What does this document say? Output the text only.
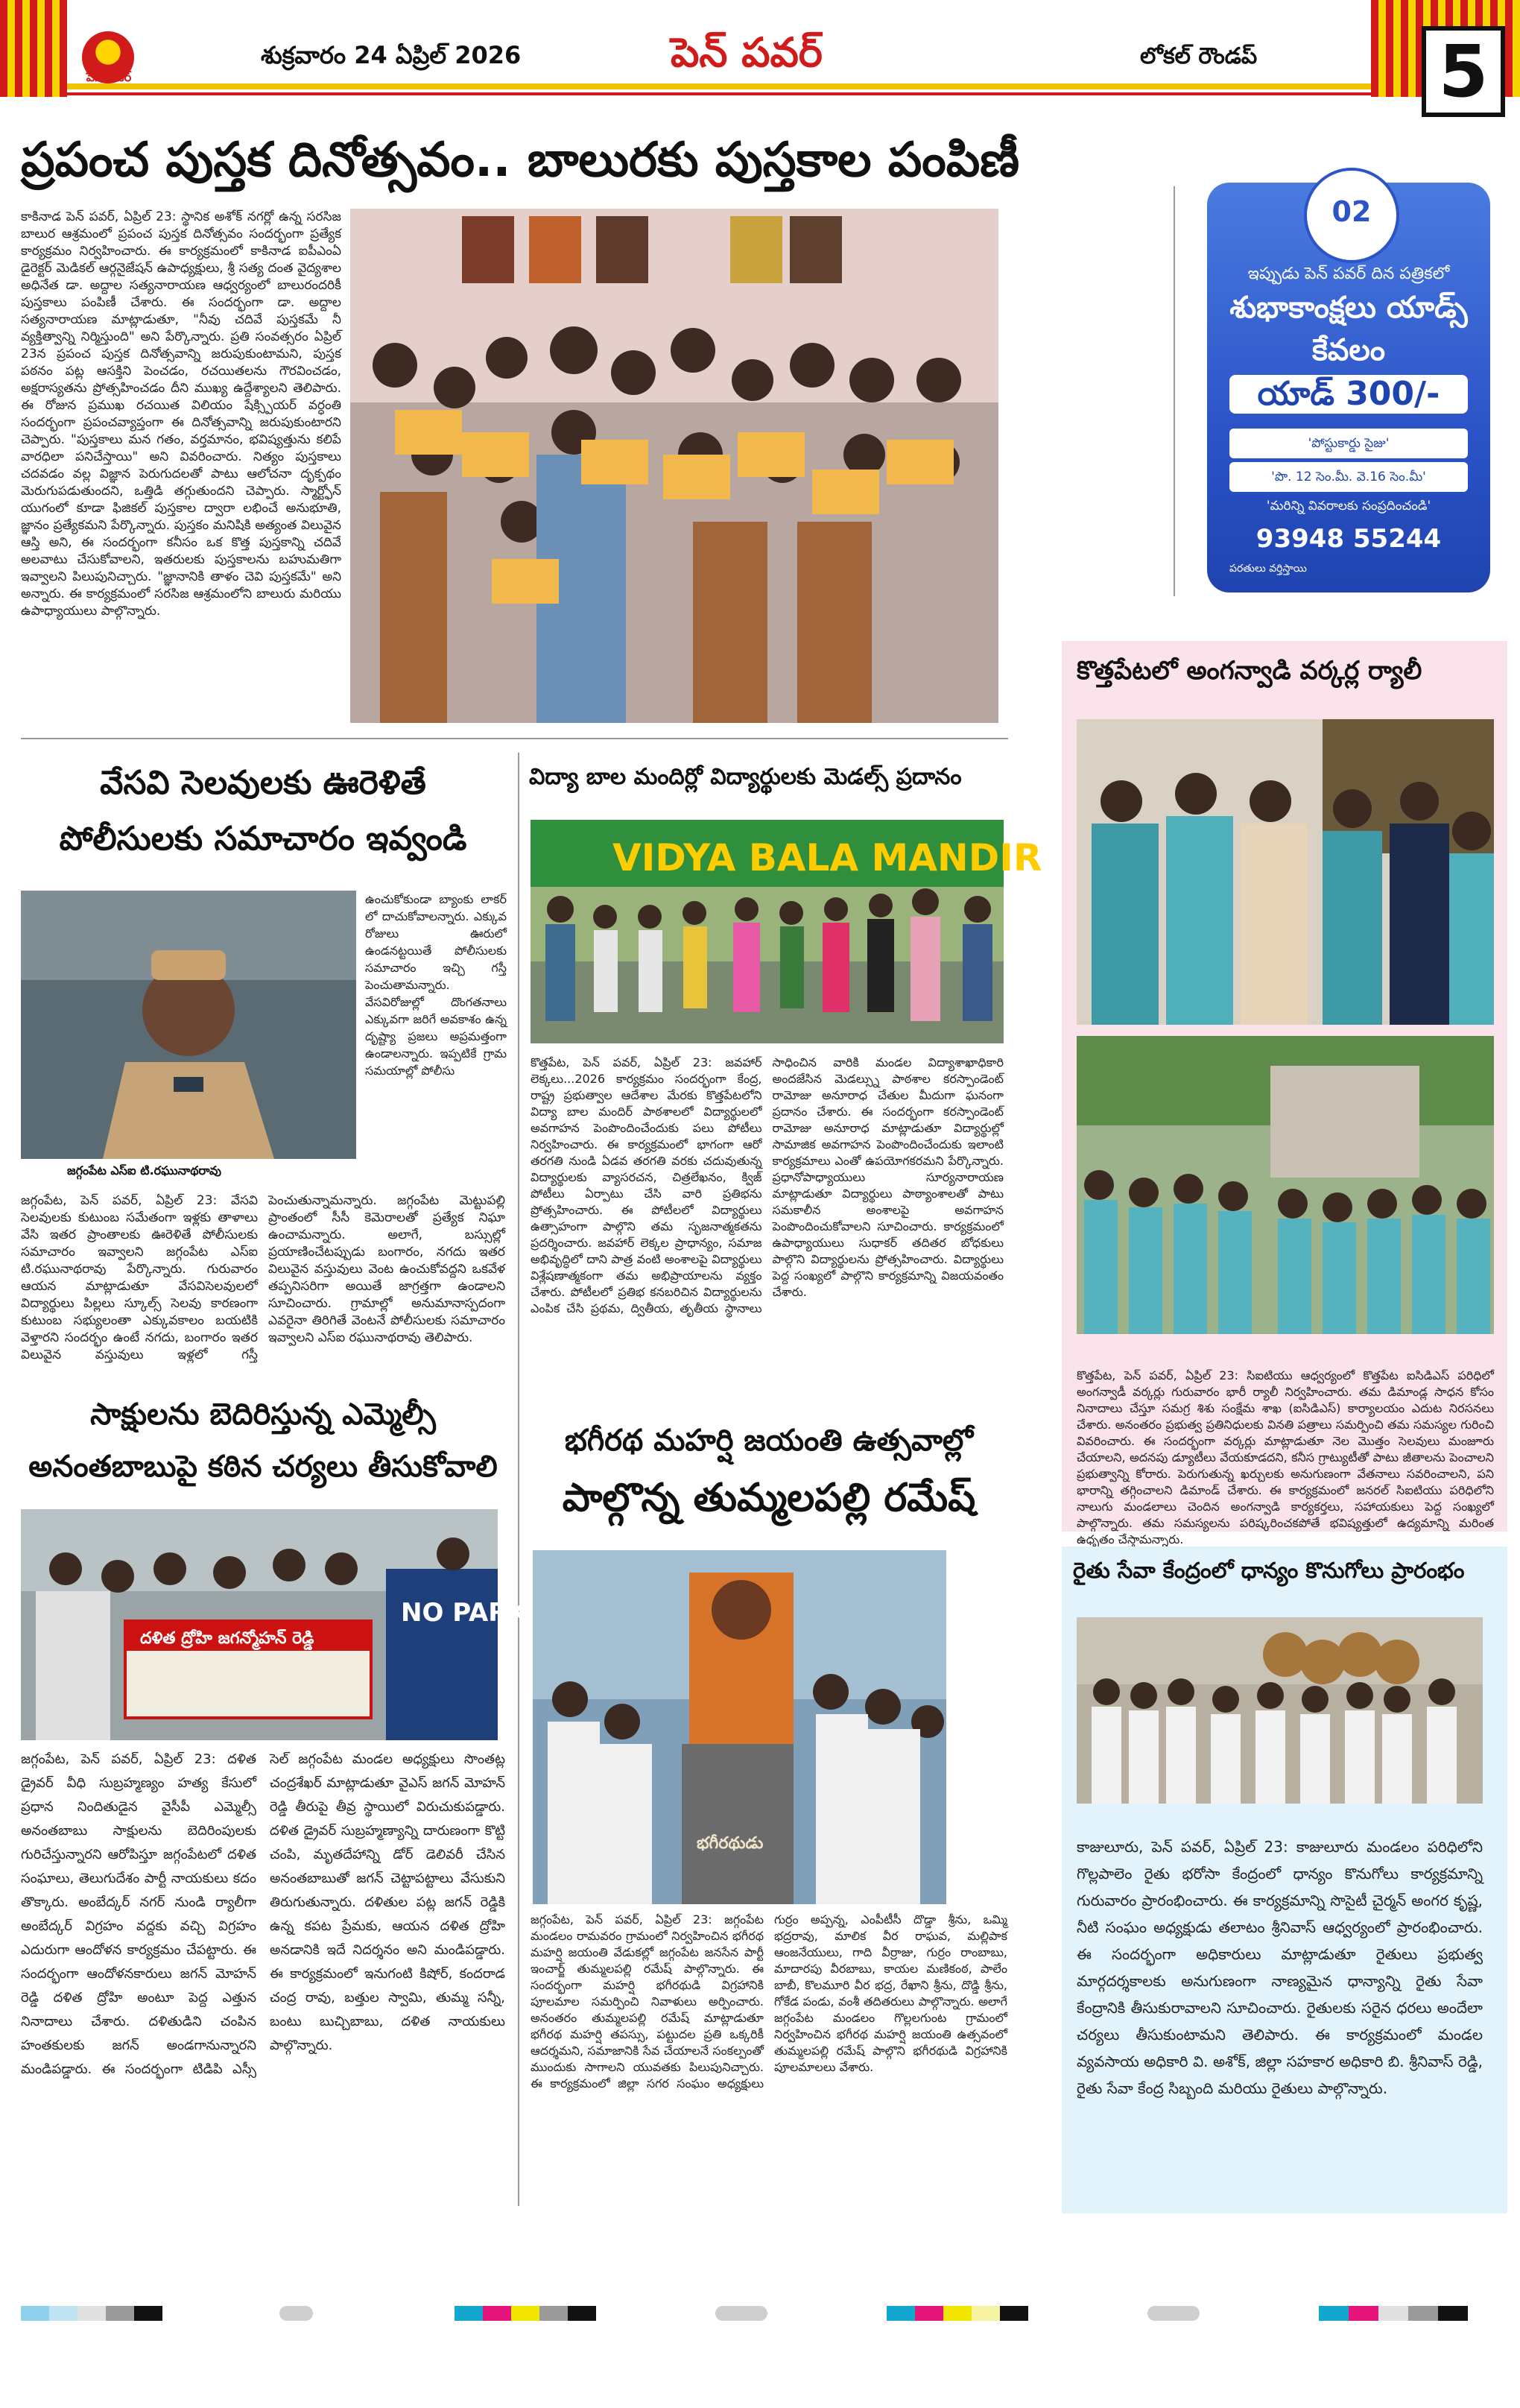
పెన్ పవర్
శుక్రవారం 24 ఏప్రిల్ 2026	పెన్ పవర్	లోకల్ రౌండప్	5
ప్రపంచ పుస్తక దినోత్సవం.. బాలురకు పుస్తకాల పంపిణీ
కాకినాడ పెన్ పవర్, ఏప్రిల్ 23: స్థానిక అశోక్ నగర్లో ఉన్న సరసిజ బాలుర ఆశ్రమంలో ప్రపంచ పుస్తక దినోత్సవం సందర్భంగా ప్రత్యేక కార్యక్రమం నిర్వహించారు. ఈ కార్యక్రమంలో కాకినాడ ఐపీఎంఏ డైరెక్టర్ మెడికల్ ఆర్గనైజేషన్ ఉపాధ్యక్షులు, శ్రీ సత్య దంత వైద్యశాల అధినేత డా. అద్దాల సత్యనారాయణ ఆధ్వర్యంలో బాలురందరికీ పుస్తకాలు పంపిణీ చేశారు. ఈ సందర్భంగా డా. అద్దాల సత్యనారాయణ మాట్లాడుతూ, "నీవు చదివే పుస్తకమే నీ వ్యక్తిత్వాన్ని నిర్మిస్తుంది" అని పేర్కొన్నారు. ప్రతి సంవత్సరం ఏప్రిల్ 23న ప్రపంచ పుస్తక దినోత్సవాన్ని జరుపుకుంటామని, పుస్తక పఠనం పట్ల ఆసక్తిని పెంచడం, రచయితలను గౌరవించడం, అక్షరాస్యతను ప్రోత్సహించడం దీని ముఖ్య ఉద్దేశ్యాలని తెలిపారు. ఈ రోజున ప్రముఖ రచయిత విలియం షేక్స్పియర్ వర్ధంతి సందర్భంగా ప్రపంచవ్యాప్తంగా ఈ దినోత్సవాన్ని జరుపుకుంటారని చెప్పారు. "పుస్తకాలు మన గతం, వర్తమానం, భవిష్యత్తును కలిపే వారధిలా పనిచేస్తాయి" అని వివరించారు. నిత్యం పుస్తకాలు చదవడం వల్ల విజ్ఞాన పెరుగుదలతో పాటు ఆలోచనా దృక్పథం మెరుగుపడుతుందని, ఒత్తిడి తగ్గుతుందని చెప్పారు. స్మార్ట్ఫోన్ యుగంలో కూడా ఫిజికల్ పుస్తకాల ద్వారా లభించే అనుభూతి, జ్ఞానం ప్రత్యేకమని పేర్కొన్నారు. పుస్తకం మనిషికి అత్యంత విలువైన ఆస్తి అని, ఈ సందర్భంగా కనీసం ఒక కొత్త పుస్తకాన్ని చదివే అలవాటు చేసుకోవాలని, ఇతరులకు పుస్తకాలను బహుమతిగా ఇవ్వాలని పిలుపునిచ్చారు. "జ్ఞానానికి తాళం చెవి పుస్తకమే" అని అన్నారు. ఈ కార్యక్రమంలో సరసిజ ఆశ్రమంలోని బాలురు మరియు ఉపాధ్యాయులు పాల్గొన్నారు.
02
ఇప్పుడు పెన్ పవర్ దిన పత్రికలో
శుభాకాంక్షలు యాడ్స్
కేవలం
యాడ్ 300/-
'పోస్టుకార్డు సైజు'
'పొ. 12 సెం.మీ. వె.16 సెం.మీ'
'మరిన్ని వివరాలకు సంప్రదించండి'
93948 55244
పరతులు వర్తిస్తాయి
వేసవి సెలవులకు ఊరెళితే
పోలీసులకు సమాచారం ఇవ్వండి
జగ్గంపేట ఎస్ఐ టి.రఘునాథరావు
ఉంచుకోకుండా బ్యాంకు లాకర్ లో దాచుకోవాలన్నారు. ఎక్కువ రోజులు ఊరులో ఉండనట్టయితే పోలీసులకు సమాచారం ఇచ్చి గస్తీ పెంచుతామన్నారు. వేసవిరోజుల్లో దొంగతనాలు ఎక్కువగా జరిగే అవకాశం ఉన్న దృష్ట్యా ప్రజలు అప్రమత్తంగా ఉండాలన్నారు. ఇప్పటికే గ్రామ సమయాల్లో పోలీసు
జగ్గంపేట, పెన్ పవర్, ఏప్రిల్ 23: వేసవి సెలవులకు కుటుంబ సమేతంగా ఇళ్లకు తాళాలు వేసి ఇతర ప్రాంతాలకు ఊరెళితే పోలీసులకు సమాచారం ఇవ్వాలని జగ్గంపేట ఎస్ఐ టి.రఘునాథరావు పేర్కొన్నారు. గురువారం ఆయన మాట్లాడుతూ వేసవిసెలవులలో విద్యార్థులు పిల్లలు స్కూల్స్ సెలవు కారణంగా కుటుంబ సభ్యులంతా ఎక్కువకాలం బయటికి వెళ్తారని సందర్భం ఉంటే నగదు, బంగారం ఇతర విలువైన వస్తువులు ఇళ్లలో గస్తీ పెంచుతున్నామన్నారు. జగ్గంపేట మెట్టుపల్లి ప్రాంతంలో సీసీ కెమెరాలతో ప్రత్యేక నిఘా ఉంచామన్నారు. అలాగే, బస్సుల్లో ప్రయాణించేటప్పుడు బంగారం, నగదు ఇతర విలువైన వస్తువులు వెంట ఉంచుకోవద్దని ఒకవేళ తప్పనిసరిగా అయితే జాగ్రత్తగా ఉండాలని సూచించారు. గ్రామాల్లో అనుమానాస్పదంగా ఎవరైనా తిరిగితే వెంటనే పోలీసులకు సమాచారం ఇవ్వాలని ఎస్ఐ రఘునాథరావు తెలిపారు.
విద్యా బాల మందిర్లో విద్యార్థులకు మెడల్స్ ప్రదానం
VIDYA BALA MANDIR
కొత్తపేట, పెన్ పవర్, ఏప్రిల్ 23: జవహార్ లెక్కలు...2026 కార్యక్రమం సందర్భంగా కేంద్ర, రాష్ట్ర ప్రభుత్వాల ఆదేశాల మేరకు కొత్తపేటలోని విద్యా బాల మందిర్ పాఠశాలలో విద్యార్థులలో అవగాహన పెంపొందించేందుకు పలు పోటీలు నిర్వహించారు. ఈ కార్యక్రమంలో భాగంగా ఆరో తరగతి నుండి ఏడవ తరగతి వరకు చదువుతున్న విద్యార్థులకు వ్యాసరచన, చిత్రలేఖనం, క్విజ్ పోటీలు ఏర్పాటు చేసి వారి ప్రతిభను ప్రోత్సహించారు. ఈ పోటీలలో విద్యార్థులు ఉత్సాహంగా పాల్గొని తమ సృజనాత్మకతను ప్రదర్శించారు. జవహార్ లెక్కల ప్రాధాన్యం, సమాజ అభివృద్ధిలో దాని పాత్ర వంటి అంశాలపై విద్యార్థులు విశ్లేషణాత్మకంగా తమ అభిప్రాయాలను వ్యక్తం చేశారు. పోటీలలో ప్రతిభ కనబరిచిన విద్యార్థులను ఎంపిక చేసి ప్రథమ, ద్వితీయ, తృతీయ స్థానాలు సాధించిన వారికి మండల విద్యాశాఖాధికారి అందజేసిన మెడల్స్ను పాఠశాల కరస్పాండెంట్ రామోజు అనూరాధ చేతుల మీదుగా ఘనంగా ప్రదానం చేశారు. ఈ సందర్భంగా కరస్పాండెంట్ రామోజు అనూరాధ మాట్లాడుతూ విద్యార్థుల్లో సామాజిక అవగాహన పెంపొందించేందుకు ఇలాంటి కార్యక్రమాలు ఎంతో ఉపయోగకరమని పేర్కొన్నారు. ప్రధానోపాధ్యాయులు సూర్యనారాయణ మాట్లాడుతూ విద్యార్థులు పాఠ్యాంశాలతో పాటు సమకాలీన అంశాలపై అవగాహన పెంపొందించుకోవాలని సూచించారు. కార్యక్రమంలో ఉపాధ్యాయులు సుధాకర్ తదితర బోధకులు పాల్గొని విద్యార్థులను ప్రోత్సహించారు. విద్యార్థులు పెద్ద సంఖ్యలో పాల్గొని కార్యక్రమాన్ని విజయవంతం చేశారు.
కొత్తపేటలో అంగన్వాడి వర్కర్ల ర్యాలీ
కొత్తపేట, పెన్ పవర్, ఏప్రిల్ 23: సిఐటియు ఆధ్వర్యంలో కొత్తపేట ఐసిడిఎస్ పరిధిలో అంగన్వాడీ వర్కర్లు గురువారం భారీ ర్యాలీ నిర్వహించారు. తమ డిమాండ్ల సాధన కోసం నినాదాలు చేస్తూ సమగ్ర శిశు సంక్షేమ శాఖ (ఐసిడిఎస్) కార్యాలయం ఎదుట నిరసనలు చేశారు. అనంతరం ప్రభుత్వ ప్రతినిధులకు వినతి పత్రాలు సమర్పించి తమ సమస్యల గురించి వివరించారు. ఈ సందర్భంగా వర్కర్లు మాట్లాడుతూ నెల మొత్తం సెలవులు మంజూరు చేయాలని, అదనపు డ్యూటీలు వేయకూడదని, కనీస గ్రాట్యుటీతో పాటు జీతాలను పెంచాలని ప్రభుత్వాన్ని కోరారు. పెరుగుతున్న ఖర్చులకు అనుగుణంగా వేతనాలు సవరించాలని, పని భారాన్ని తగ్గించాలని డిమాండ్ చేశారు. ఈ కార్యక్రమంలో జనరల్ సిఐటియు పరిధిలోని నాలుగు మండలాలు చెందిన అంగన్వాడి కార్యకర్తలు, సహాయకులు పెద్ద సంఖ్యలో పాల్గొన్నారు. తమ సమస్యలను పరిష్కరించకపోతే భవిష్యత్తులో ఉద్యమాన్ని మరింత ఉధృతం చేస్తామన్నారు.
సాక్షులను బెదిరిస్తున్న ఎమ్మెల్సీ
అనంతబాబుపై కఠిన చర్యలు తీసుకోవాలి
NO PARK
దళిత ద్రోహి జగన్మోహన్ రెడ్డి
జగ్గంపేట, పెన్ పవర్, ఏప్రిల్ 23: దళిత డ్రైవర్ వీధి సుబ్రహ్మణ్యం హత్య కేసులో ప్రధాన నిందితుడైన వైసీపీ ఎమ్మెల్సీ అనంతబాబు సాక్షులను బెదిరింపులకు గురిచేస్తున్నారని ఆరోపిస్తూ జగ్గంపేటలో దళిత సంఘాలు, తెలుగుదేశం పార్టీ నాయకులు కదం తొక్కారు. అంబేద్కర్ నగర్ నుండి ర్యాలీగా అంబేద్కర్ విగ్రహం వద్దకు వచ్చి విగ్రహం ఎదురుగా ఆందోళన కార్యక్రమం చేపట్టారు. ఈ సందర్భంగా ఆందోళనకారులు జగన్ మోహన్ రెడ్డి దళిత ద్రోహి అంటూ పెద్ద ఎత్తున నినాదాలు చేశారు. దళితుడిని చంపిన హంతకులకు జగన్ అండగానున్నారని మండిపడ్డారు. ఈ సందర్భంగా టిడిపి ఎస్సీ సెల్ జగ్గంపేట మండల అధ్యక్షులు సొంతట్ల చంద్రశేఖర్ మాట్లాడుతూ వైఎస్ జగన్ మోహన్ రెడ్డి తీరుపై తీవ్ర స్థాయిలో విరుచుకుపడ్డారు. దళిత డ్రైవర్ సుబ్రహ్మణ్యాన్ని దారుణంగా కొట్టి చంపి, మృతదేహాన్ని డోర్ డెలివరీ చేసిన అనంతబాబుతో జగన్ చెట్టాపట్టాలు వేసుకుని తిరుగుతున్నారు. దళితుల పట్ల జగన్ రెడ్డికి ఉన్న కపట ప్రేమకు, ఆయన దళిత ద్రోహి అనడానికి ఇదే నిదర్శనం అని మండిపడ్డారు. ఈ కార్యక్రమంలో ఇనుగంటి కిషోర్, కందరాడ చంద్ర రావు, బత్తుల స్వామి, తుమ్మ సన్నీ, బంటు బుచ్చిబాబు, దళిత నాయకులు పాల్గొన్నారు.
భగీరథ మహర్షి జయంతి ఉత్సవాల్లో
పాల్గొన్న తుమ్మలపల్లి రమేష్
భగీరథుడు
జగ్గంపేట, పెన్ పవర్, ఏప్రిల్ 23: జగ్గంపేట మండలం రామవరం గ్రామంలో నిర్వహించిన భగీరథ మహర్షి జయంతి వేడుకల్లో జగ్గంపేట జనసేన పార్టీ ఇంచార్జ్ తుమ్మలపల్లి రమేష్ పాల్గొన్నారు. ఈ సందర్భంగా మహర్షి భగీరథుడి విగ్రహానికి పూలమాల సమర్పించి నివాళులు అర్పించారు. అనంతరం తుమ్మలపల్లి రమేష్ మాట్లాడుతూ భగీరథ మహర్షి తపస్సు, పట్టుదల ప్రతి ఒక్కరికీ ఆదర్శమని, సమాజానికి సేవ చేయాలనే సంకల్పంతో ముందుకు సాగాలని యువతకు పిలుపునిచ్చారు. ఈ కార్యక్రమంలో జిల్లా సగర సంఘం అధ్యక్షులు గుర్రం అప్పన్న, ఎంపీటీసీ దొడ్డా శ్రీను, ఒమ్మి భద్రరావు, మాలిక వీర రాఘవ, మల్లిపాక ఆంజనేయులు, గాది వీర్రాజు, గుర్రం రాంబాబు, మాదారపు వీరబాబు, కాయల మణికంఠ, పాలేం బాబీ, కొలమూరి వీర భద్ర, రేఖాని శ్రీను, దొడ్డి శ్రీను, గోకేడ పండు, వంశీ తదితరులు పాల్గొన్నారు. అలాగే జగ్గంపేట మండలం గొల్లలగుంట గ్రామంలో నిర్వహించిన భగీరథ మహర్షి జయంతి ఉత్సవంలో తుమ్మలపల్లి రమేష్ పాల్గొని భగీరథుడి విగ్రహానికి పూలమాలలు వేశారు.
రైతు సేవా కేంద్రంలో ధాన్యం కొనుగోలు ప్రారంభం
కాజులూరు, పెన్ పవర్, ఏప్రిల్ 23: కాజులూరు మండలం పరిధిలోని గొల్లపాలెం రైతు భరోసా కేంద్రంలో ధాన్యం కొనుగోలు కార్యక్రమాన్ని గురువారం ప్రారంభించారు. ఈ కార్యక్రమాన్ని సొసైటీ చైర్మన్ అంగర కృష్ణ, నీటి సంఘం అధ్యక్షుడు తలాటం శ్రీనివాస్ ఆధ్వర్యంలో ప్రారంభించారు. ఈ సందర్భంగా అధికారులు మాట్లాడుతూ రైతులు ప్రభుత్వ మార్గదర్శకాలకు అనుగుణంగా నాణ్యమైన ధాన్యాన్ని రైతు సేవా కేంద్రానికి తీసుకురావాలని సూచించారు. రైతులకు సరైన ధరలు అందేలా చర్యలు తీసుకుంటామని తెలిపారు. ఈ కార్యక్రమంలో మండల వ్యవసాయ అధికారి వి. అశోక్, జిల్లా సహకార అధికారి బి. శ్రీనివాస్ రెడ్డి, రైతు సేవా కేంద్ర సిబ్బంది మరియు రైతులు పాల్గొన్నారు.
